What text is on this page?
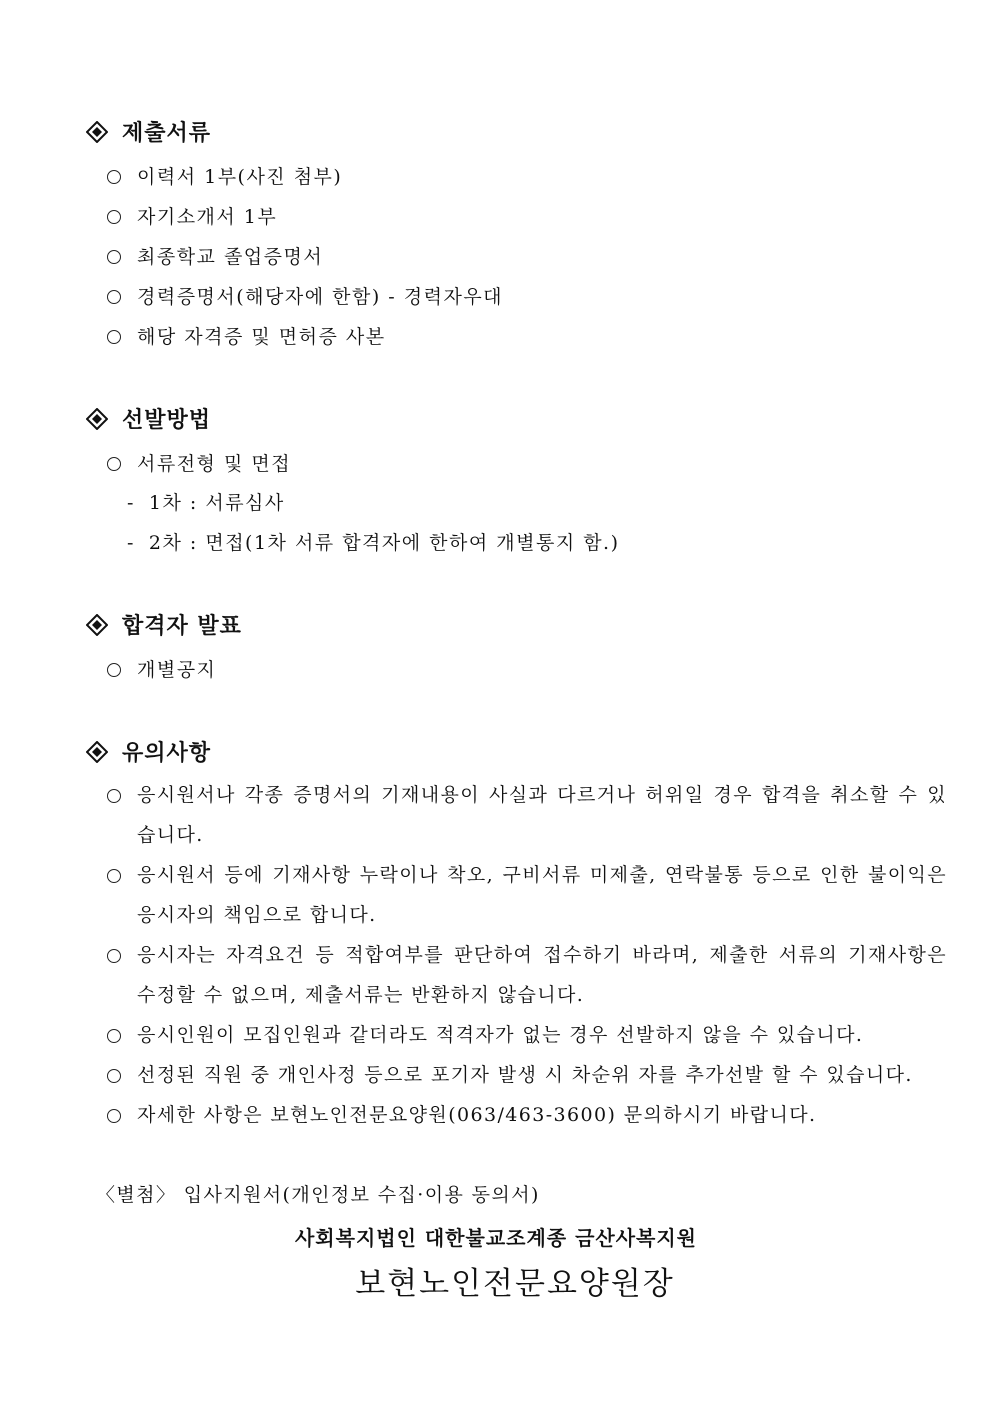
제출서류
이력서 1부(사진 첨부)
자기소개서 1부
최종학교 졸업증명서
경력증명서(해당자에 한함) - 경력자우대
해당 자격증 및 면허증 사본
선발방법
서류전형 및 면접
- 1차 : 서류심사
- 2차 : 면접(1차 서류 합격자에 한하여 개별통지 함.)
합격자 발표
개별공지
유의사항
응시원서나 각종 증명서의 기재내용이 사실과 다르거나 허위일 경우 합격을 취소할 수 있습니다.
응시원서 등에 기재사항 누락이나 착오, 구비서류 미제출, 연락불통 등으로 인한 불이익은 응시자의 책임으로 합니다.
응시자는 자격요건 등 적합여부를 판단하여 접수하기 바라며, 제출한 서류의 기재사항은 수정할 수 없으며, 제출서류는 반환하지 않습니다.
응시인원이 모집인원과 같더라도 적격자가 없는 경우 선발하지 않을 수 있습니다.
선정된 직원 중 개인사정 등으로 포기자 발생 시 차순위 자를 추가선발 할 수 있습니다.
자세한 사항은 보현노인전문요양원(063/463-3600) 문의하시기 바랍니다.
〈별첨〉 입사지원서(개인정보 수집·이용 동의서)
사회복지법인 대한불교조계종 금산사복지원
보현노인전문요양원장
